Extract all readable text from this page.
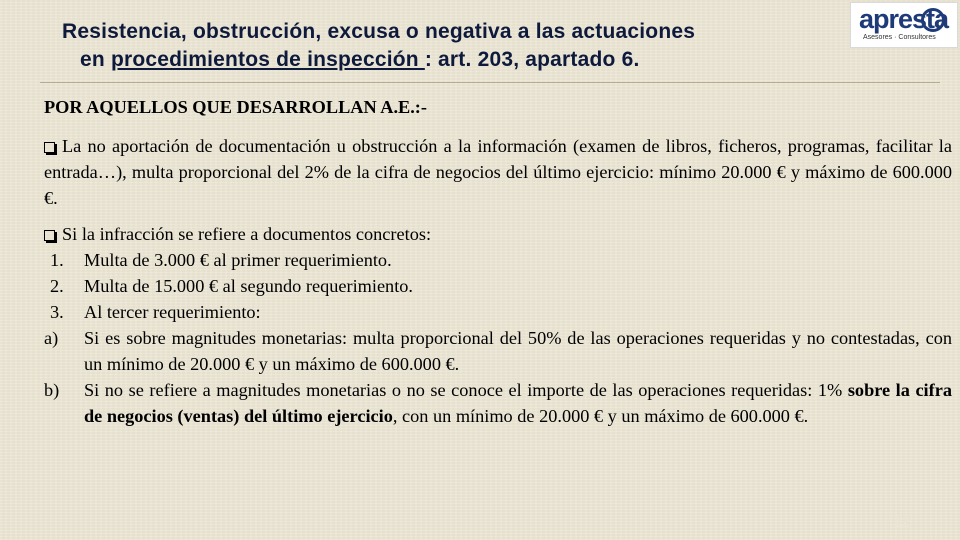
Resistencia, obstrucción, excusa o negativa a las actuaciones
en procedimientos de inspección : art. 203, apartado 6.
apresta
Asesores · Consultores
POR AQUELLOS QUE DESARROLLAN A.E.:-
La no aportación de documentación u obstrucción a la información (examen de libros, ficheros, programas, facilitar la entrada…), multa proporcional del 2% de la cifra de negocios del último ejercicio: mínimo 20.000 € y máximo de 600.000 €.
Si la infracción se refiere a documentos concretos:
1.	Multa de 3.000 € al primer requerimiento.
2.	Multa de 15.000 € al segundo requerimiento.
3.	Al tercer requerimiento:
a)	Si es sobre magnitudes monetarias: multa proporcional del 50% de las operaciones requeridas y no contestadas, con un mínimo de 20.000 € y un máximo de 600.000 €.
b)	Si no se refiere a magnitudes monetarias o no se conoce el importe de las operaciones requeridas: 1% sobre la cifra de negocios (ventas) del último ejercicio, con un mínimo de 20.000 € y un máximo de 600.000 €.
12
